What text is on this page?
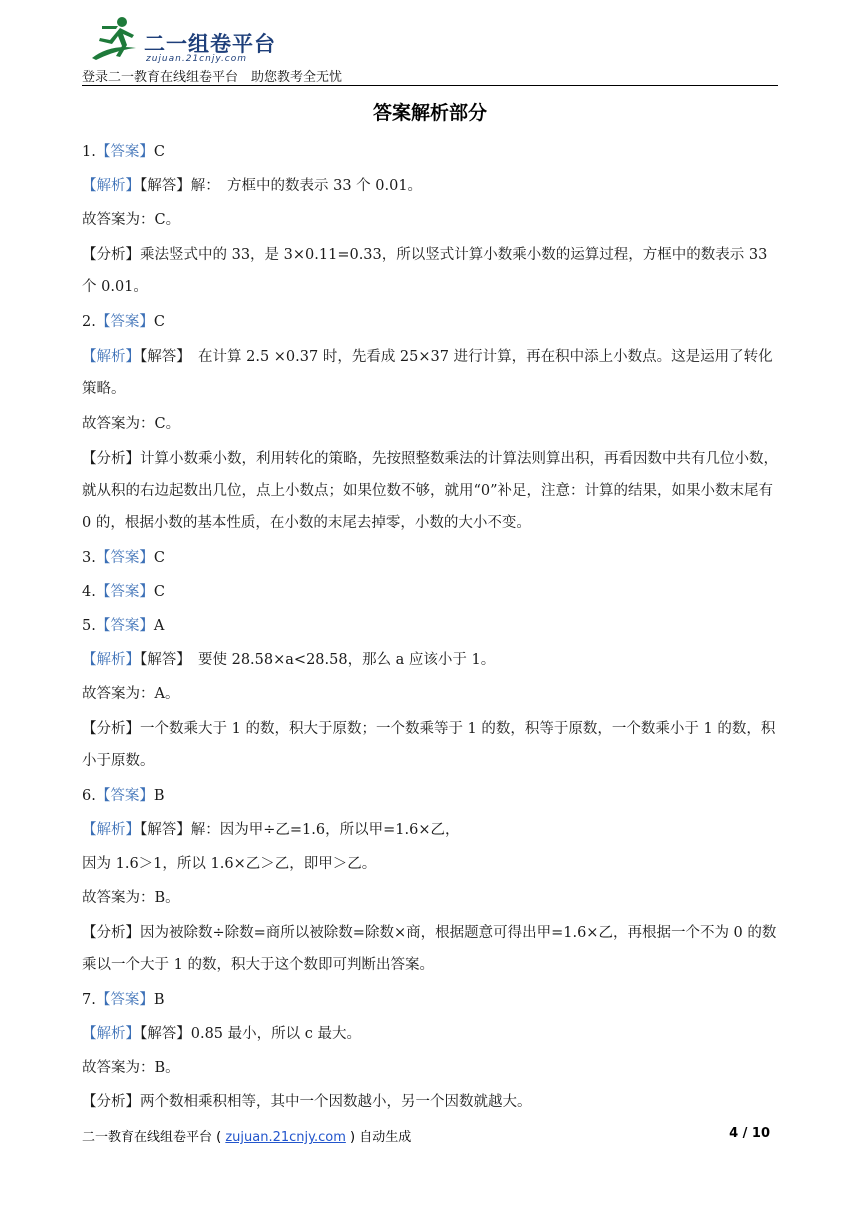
二一组卷平台
zujuan.21cnjy.com
登录二一教育在线组卷平台　助您教考全无忧
答案解析部分

1.【答案】C

【解析】【解答】解：　方框中的数表示 33 个 0.01。

故答案为：C。

【分析】乘法竖式中的 33，是 3×0.11=0.33，所以竖式计算小数乘小数的运算过程，方框中的数表示 33 个 0.01。

2.【答案】C

【解析】【解答】　在计算 2.5 ×0.37 时，先看成 25×37 进行计算，再在积中添上小数点。这是运用了转化策略。

故答案为：C。

【分析】计算小数乘小数，利用转化的策略，先按照整数乘法的计算法则算出积，再看因数中共有几位小数，就从积的右边起数出几位，点上小数点；如果位数不够，就用“0”补足，注意：计算的结果，如果小数末尾有 0 的，根据小数的基本性质，在小数的末尾去掉零，小数的大小不变。

3.【答案】C

4.【答案】C

5.【答案】A

【解析】【解答】　要使 28.58×a<28.58，那么 a 应该小于 1。

故答案为：A。

【分析】一个数乘大于 1 的数，积大于原数；一个数乘等于 1 的数，积等于原数，一个数乘小于 1 的数，积小于原数。

6.【答案】B

【解析】【解答】解：因为甲÷乙=1.6，所以甲=1.6×乙，

因为 1.6＞1，所以 1.6×乙＞乙，即甲＞乙。

故答案为：B。

【分析】因为被除数÷除数=商所以被除数=除数×商，根据题意可得出甲=1.6×乙，再根据一个不为 0 的数乘以一个大于 1 的数，积大于这个数即可判断出答案。

7.【答案】B

【解析】【解答】0.85 最小，所以 c 最大。

故答案为：B。

【分析】两个数相乘积相等，其中一个因数越小，另一个因数就越大。

二一教育在线组卷平台 ( zujuan.21cnjy.com ) 自动生成	4 / 10
